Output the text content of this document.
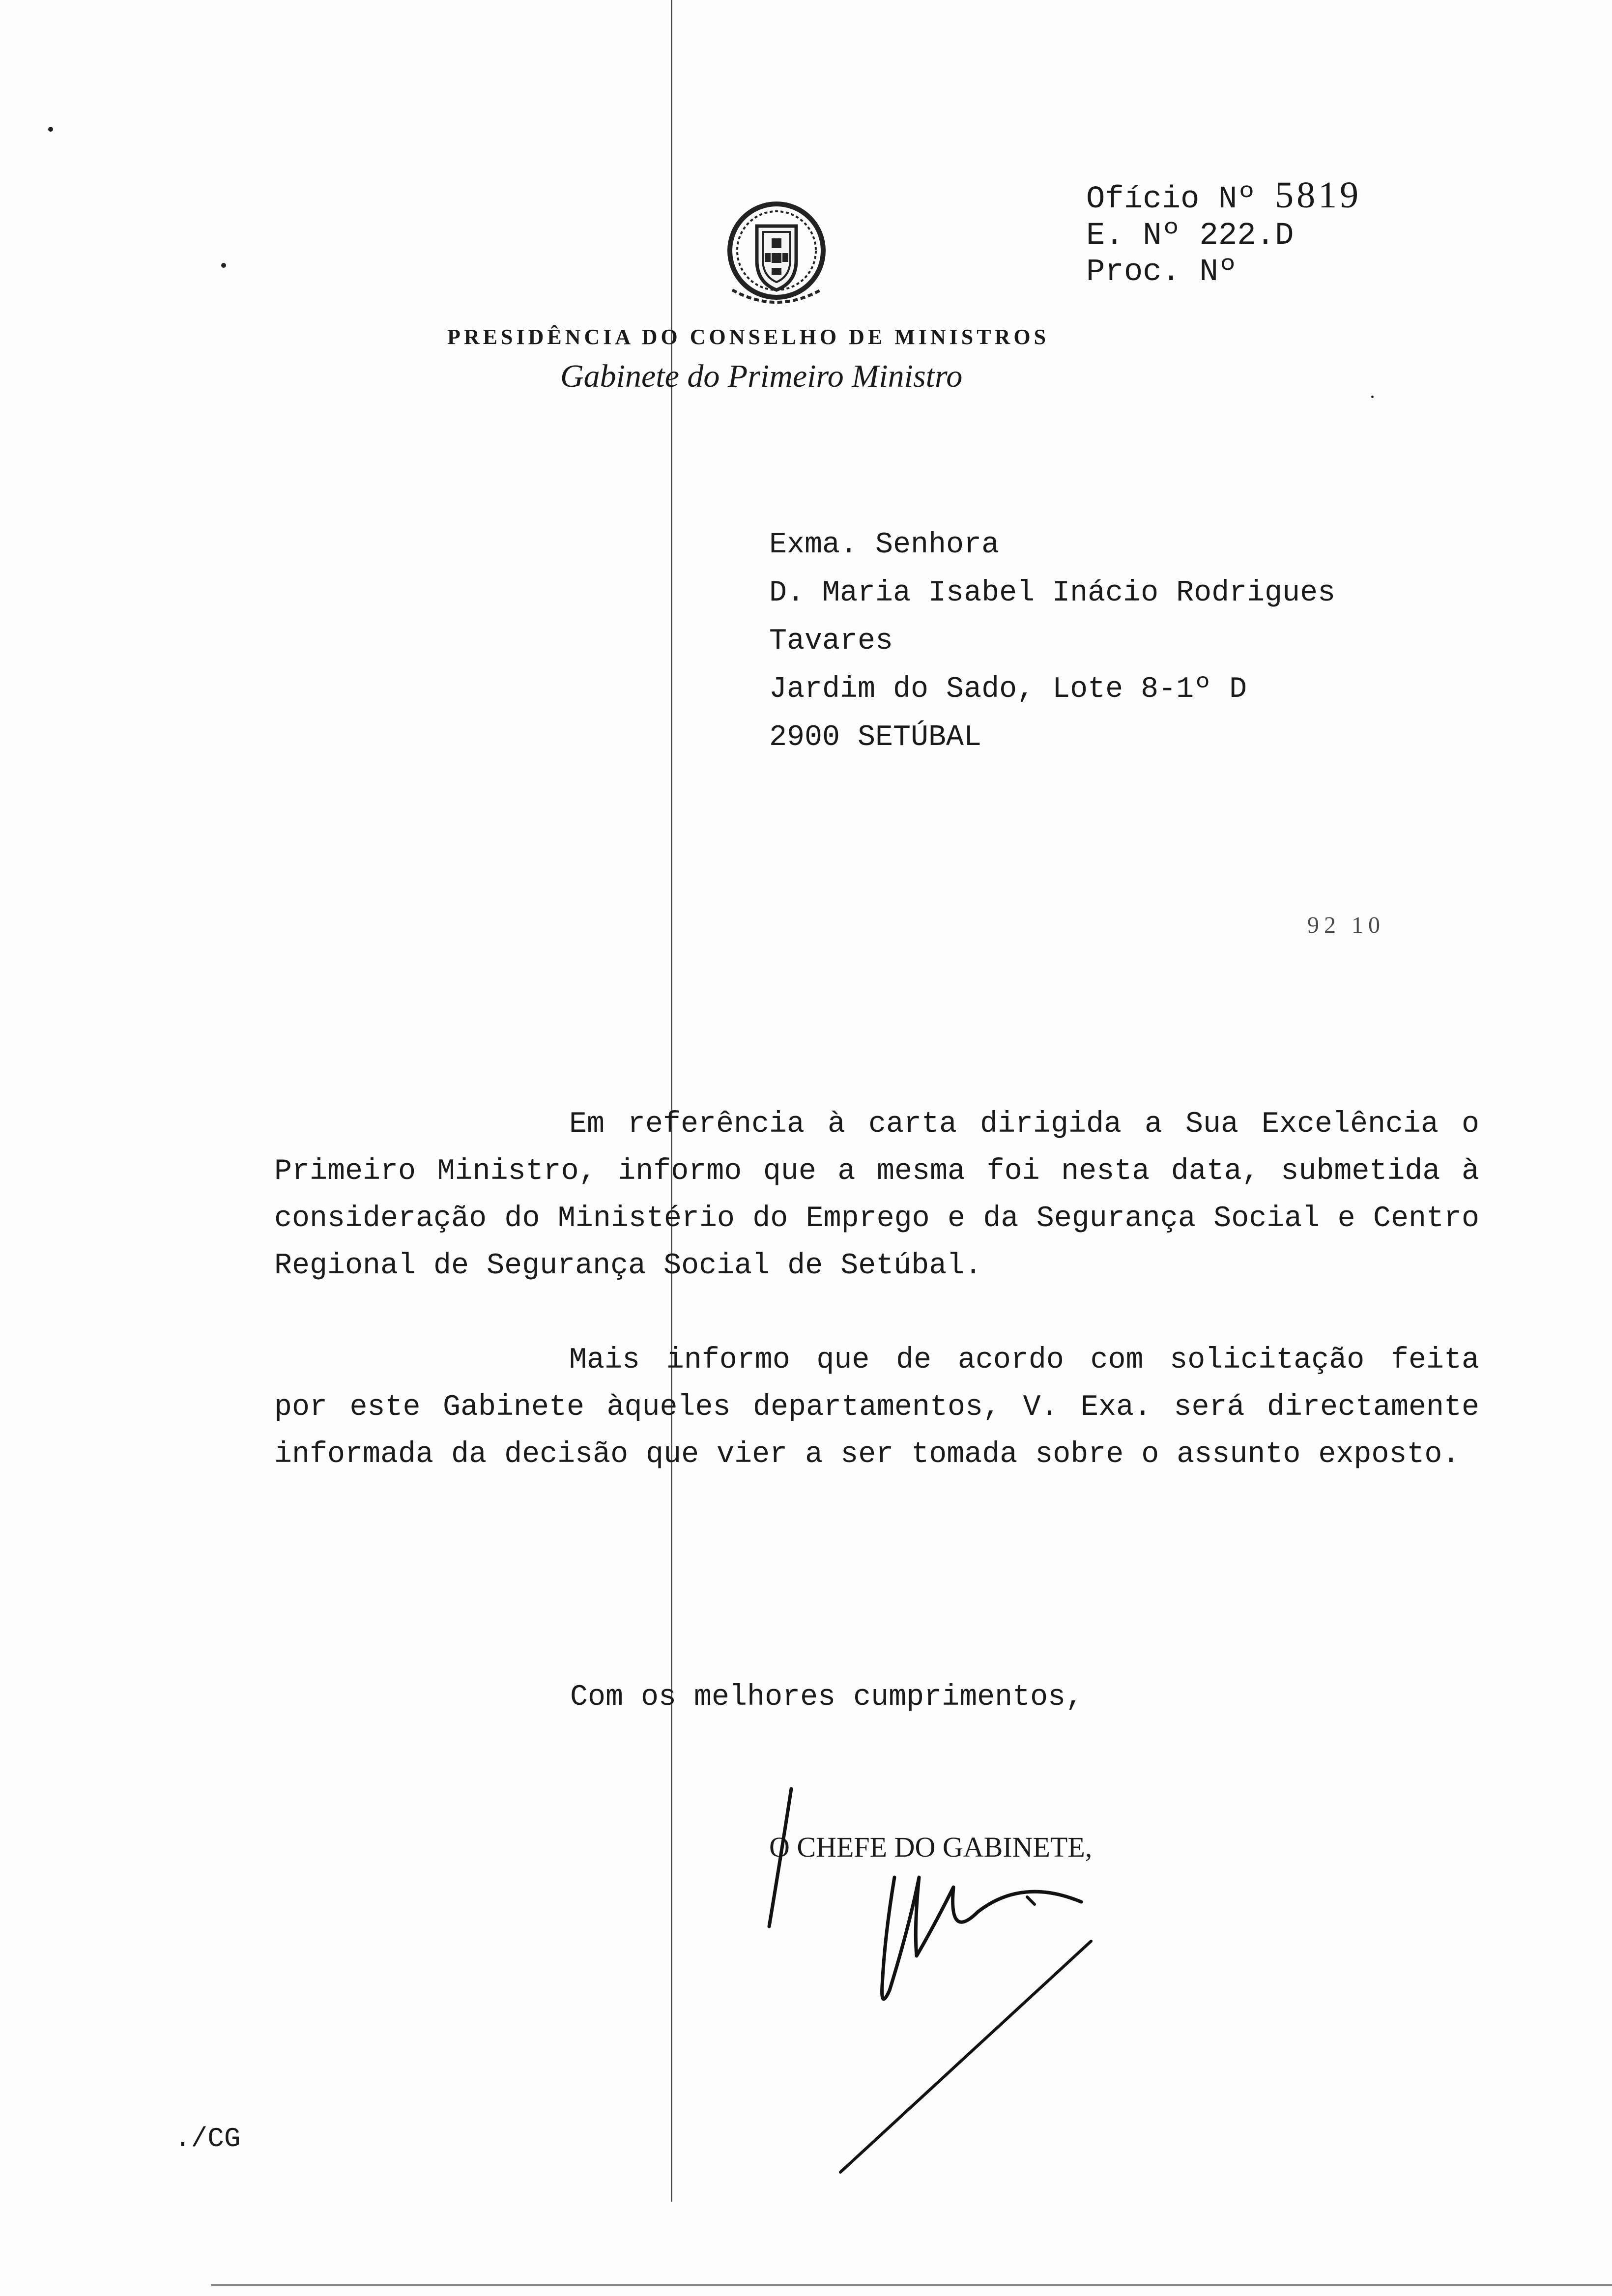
Ofício Nº 5819
E. Nº 222.D
Proc. Nº
PRESIDÊNCIA DO CONSELHO DE MINISTROS
Gabinete do Primeiro Ministro
Exma. Senhora
D. Maria Isabel Inácio Rodrigues
Tavares
Jardim do Sado, Lote 8-1º D
2900 SETÚBAL
92 10
Em referência à carta dirigida a Sua Excelência o Primeiro Ministro, informo que a mesma foi nesta data, submetida à consideração do Ministério do Emprego e da Segurança Social e Centro Regional de Segurança Social de Setúbal.
Mais informo que de acordo com solicitação feita por este Gabinete àqueles departamentos, V. Exa. será directamente informada da decisão que vier a ser tomada sobre o assunto exposto.
Com os melhores cumprimentos,
O CHEFE DO GABINETE,
./CG
